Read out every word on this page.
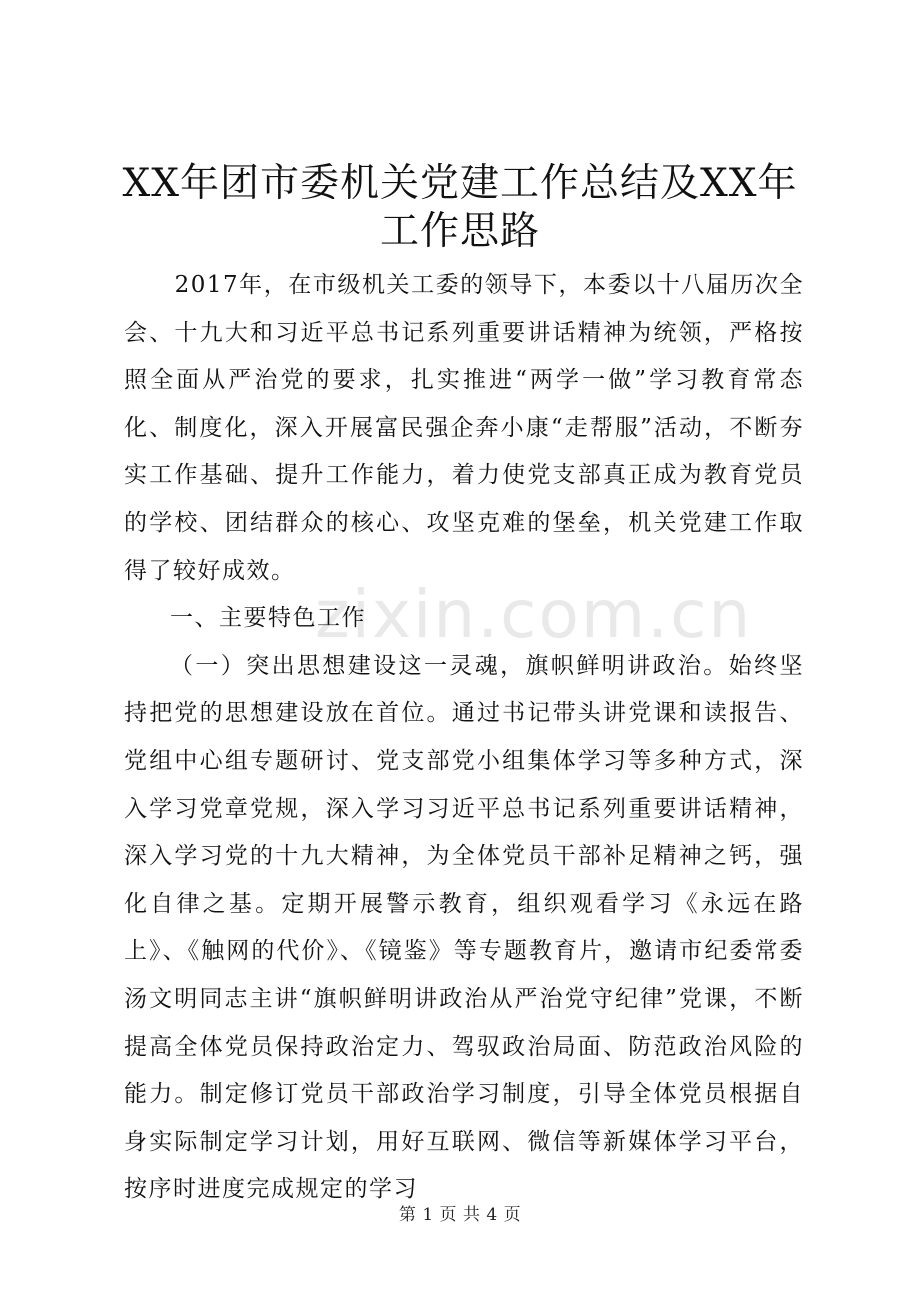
zixin.com.cn
XX年团市委机关党建工作总结及XX年工作思路

2017年，在市级机关工委的领导下，本委以十八届历次全会、十九大和习近平总书记系列重要讲话精神为统领，严格按照全面从严治党的要求，扎实推进“两学一做”学习教育常态化、制度化，深入开展富民强企奔小康“走帮服”活动，不断夯实工作基础、提升工作能力，着力使党支部真正成为教育党员的学校、团结群众的核心、攻坚克难的堡垒，机关党建工作取得了较好成效。

一、主要特色工作

（一）突出思想建设这一灵魂，旗帜鲜明讲政治。始终坚持把党的思想建设放在首位。通过书记带头讲党课和读报告、党组中心组专题研讨、党支部党小组集体学习等多种方式，深入学习党章党规，深入学习习近平总书记系列重要讲话精神，深入学习党的十九大精神，为全体党员干部补足精神之钙，强化自律之基。定期开展警示教育，组织观看学习《永远在路上》、《触网的代价》、《镜鉴》等专题教育片，邀请市纪委常委汤文明同志主讲“旗帜鲜明讲政治从严治党守纪律”党课，不断提高全体党员保持政治定力、驾驭政治局面、防范政治风险的能力。制定修订党员干部政治学习制度，引导全体党员根据自身实际制定学习计划，用好互联网、微信等新媒体学习平台，按序时进度完成规定的学习

第 1 页 共 4 页
